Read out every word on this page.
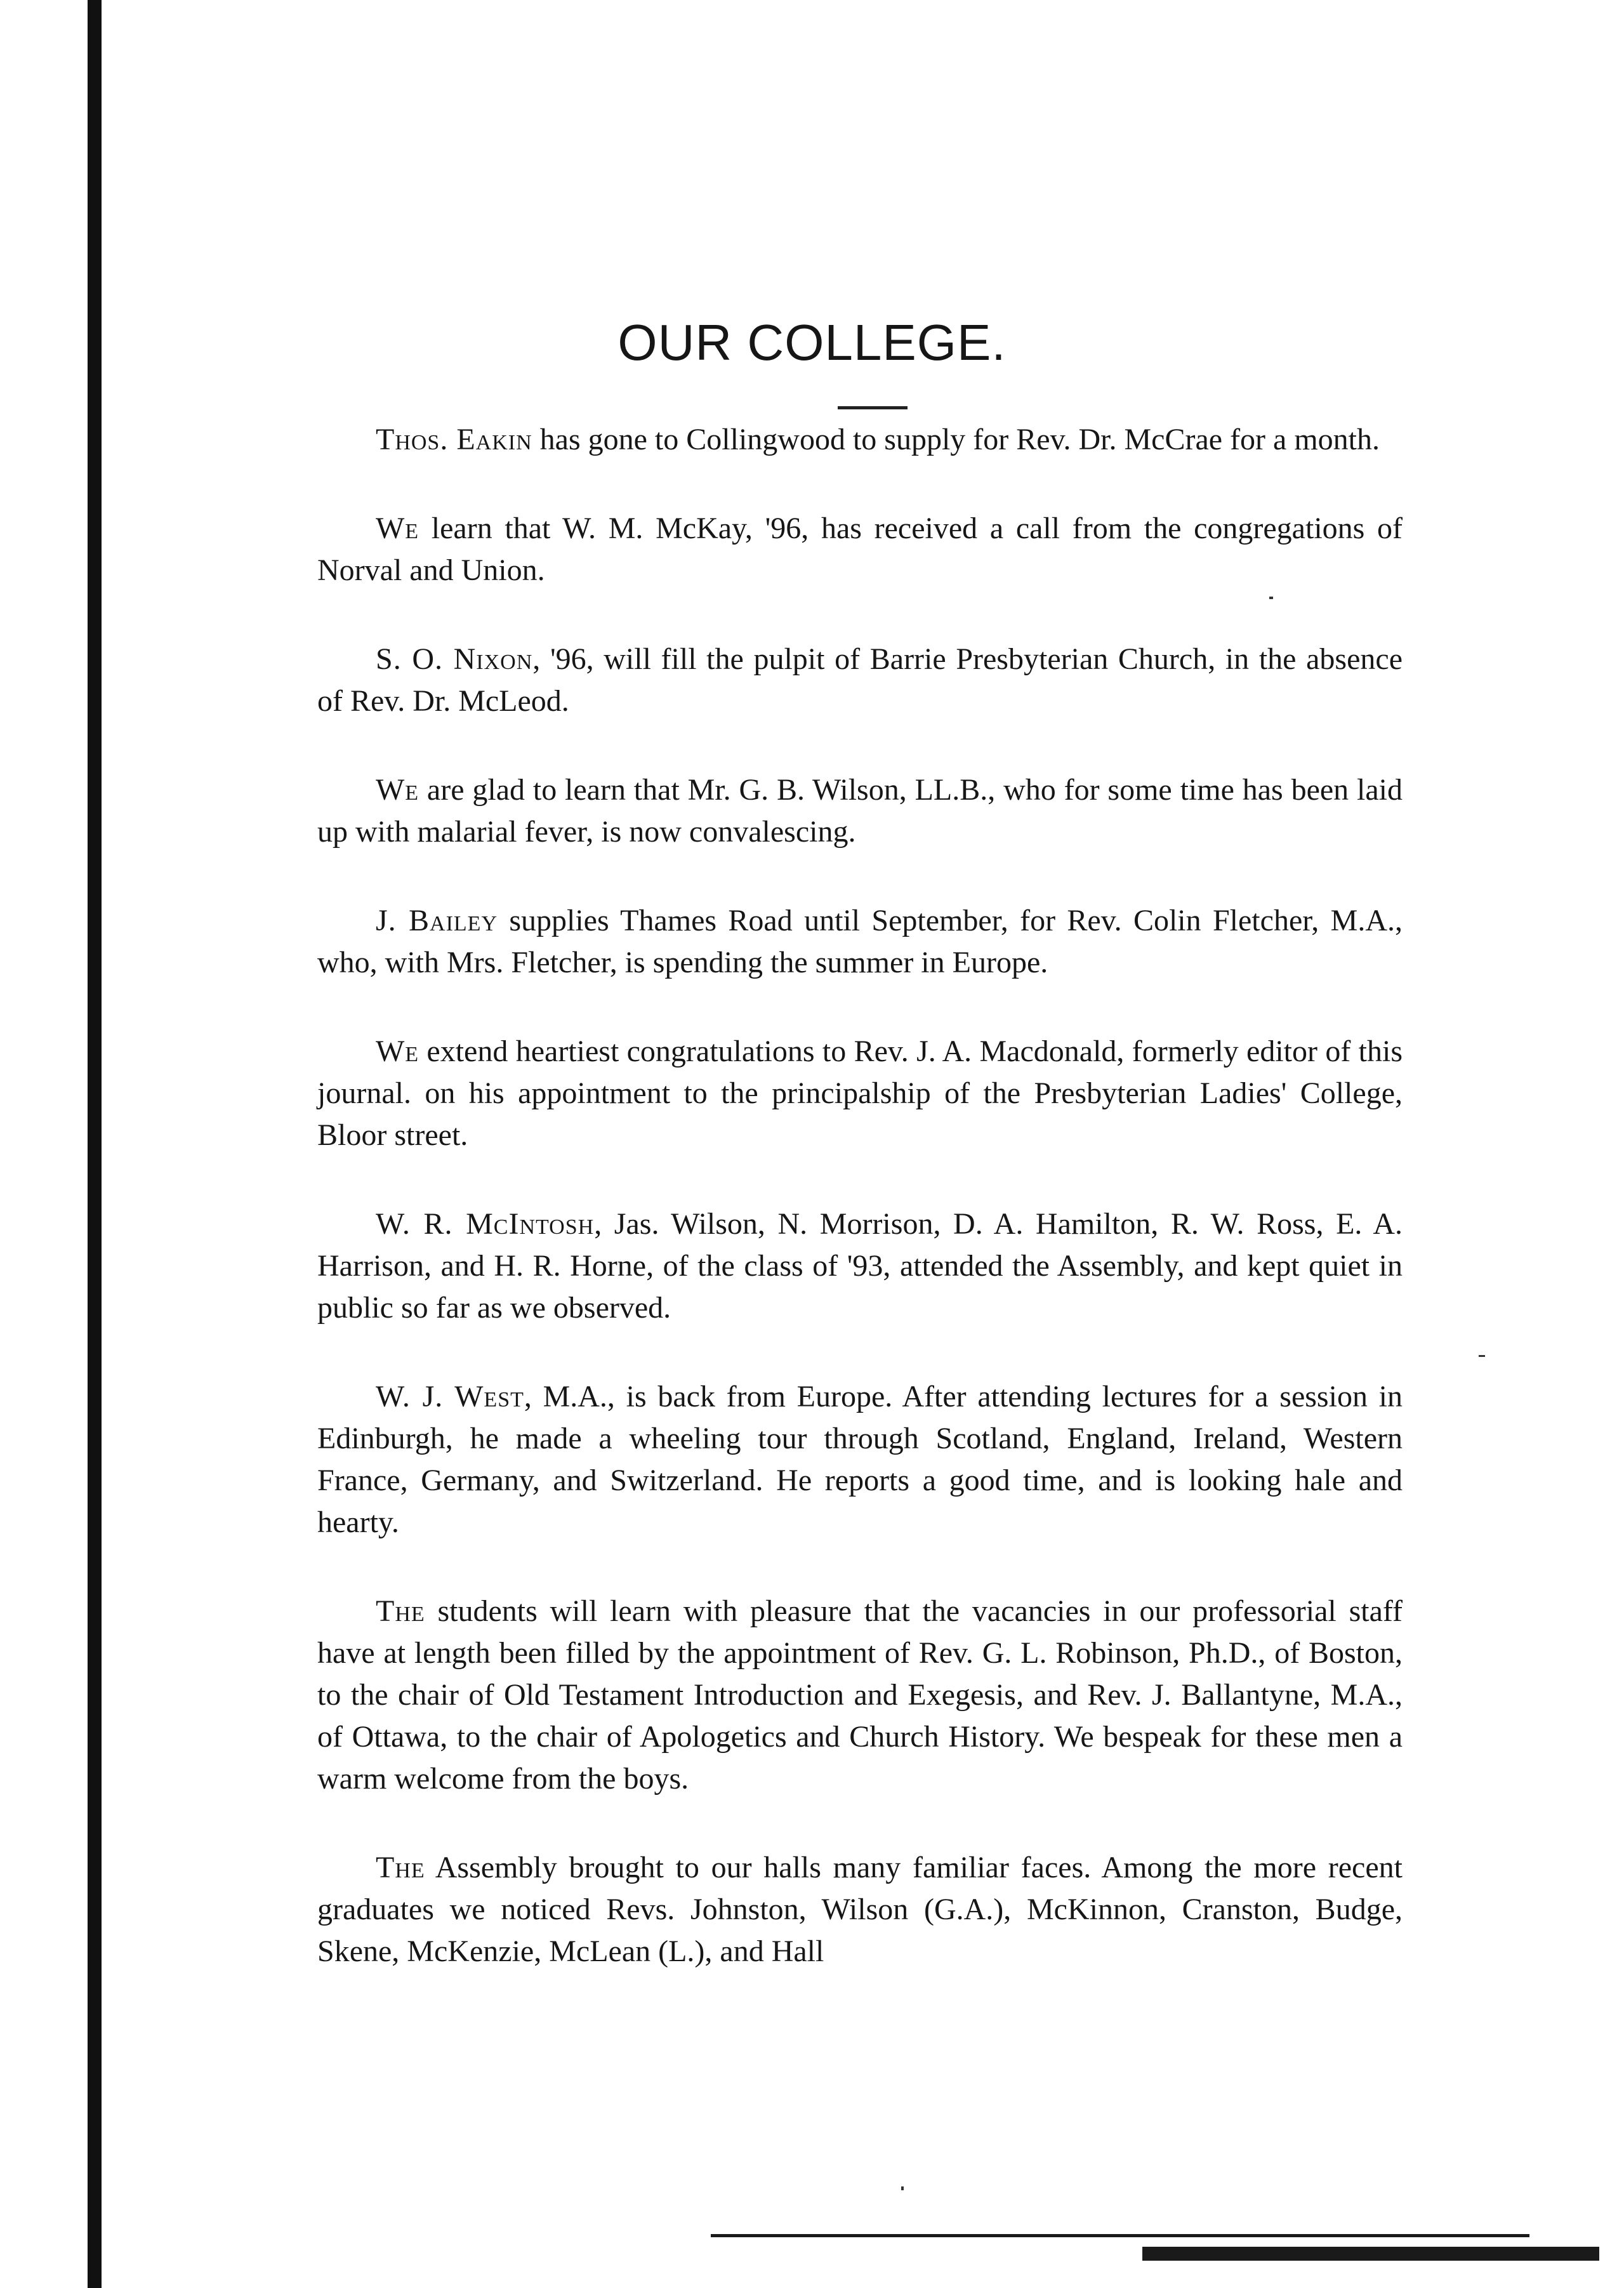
OUR COLLEGE.

Thos. Eakin has gone to Collingwood to supply for Rev. Dr. McCrae for a month.

We learn that W. M. McKay, '96, has received a call from the congregations of Norval and Union.

S. O. Nixon, '96, will fill the pulpit of Barrie Presbyterian Church, in the absence of Rev. Dr. McLeod.

We are glad to learn that Mr. G. B. Wilson, LL.B., who for some time has been laid up with malarial fever, is now convalescing.

J. Bailey supplies Thames Road until September, for Rev. Colin Fletcher, M.A., who, with Mrs. Fletcher, is spending the summer in Europe.

We extend heartiest congratulations to Rev. J. A. Macdonald, formerly editor of this journal. on his appointment to the principalship of the Presbyterian Ladies' College, Bloor street.

W. R. McIntosh, Jas. Wilson, N. Morrison, D. A. Hamilton, R. W. Ross, E. A. Harrison, and H. R. Horne, of the class of '93, attended the Assembly, and kept quiet in public so far as we observed.

W. J. West, M.A., is back from Europe. After attending lectures for a session in Edinburgh, he made a wheeling tour through Scotland, England, Ireland, Western France, Germany, and Switzerland. He reports a good time, and is looking hale and hearty.

The students will learn with pleasure that the vacancies in our professorial staff have at length been filled by the appointment of Rev. G. L. Robinson, Ph.D., of Boston, to the chair of Old Testament Introduction and Exegesis, and Rev. J. Ballantyne, M.A., of Ottawa, to the chair of Apologetics and Church History. We bespeak for these men a warm welcome from the boys.

The Assembly brought to our halls many familiar faces. Among the more recent graduates we noticed Revs. Johnston, Wilson (G.A.), McKinnon, Cranston, Budge, Skene, McKenzie, McLean (L.), and Hall
